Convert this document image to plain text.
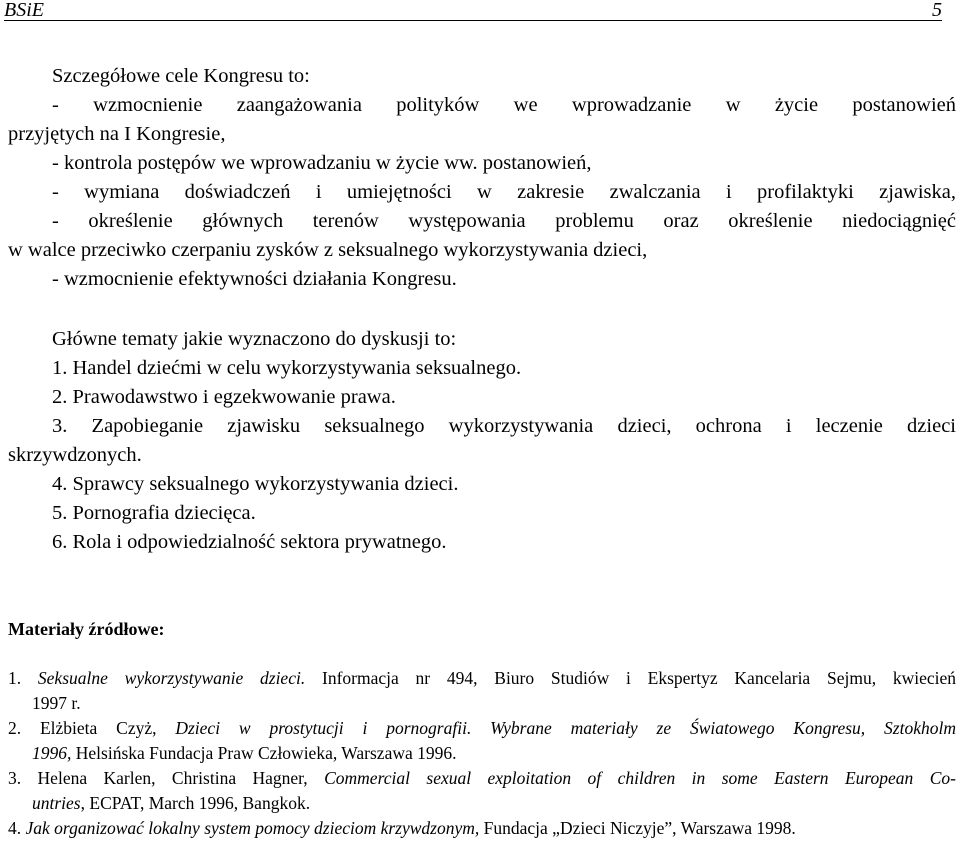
BSiE	5
Szczegółowe cele Kongresu to:
- wzmocnienie zaangażowania polityków we wprowadzanie w życie postanowień
przyjętych na I Kongresie,
- kontrola postępów we wprowadzaniu w życie ww. postanowień,
- wymiana doświadczeń i umiejętności w zakresie zwalczania i profilaktyki zjawiska,
- określenie głównych terenów występowania problemu oraz określenie niedociągnięć
w walce przeciwko czerpaniu zysków z seksualnego wykorzystywania dzieci,
- wzmocnienie efektywności działania Kongresu.
Główne tematy jakie wyznaczono do dyskusji to:
1. Handel dziećmi w celu wykorzystywania seksualnego.
2. Prawodawstwo i egzekwowanie prawa.
3. Zapobieganie zjawisku seksualnego wykorzystywania dzieci, ochrona i leczenie dzieci
skrzywdzonych.
4. Sprawcy seksualnego wykorzystywania dzieci.
5. Pornografia dziecięca.
6. Rola i odpowiedzialność sektora prywatnego.
Materiały źródłowe:
1. Seksualne wykorzystywanie dzieci. Informacja nr 494, Biuro Studiów i Ekspertyz Kancelaria Sejmu, kwiecień
1997 r.
2. Elżbieta Czyż, Dzieci w prostytucji i pornografii. Wybrane materiały ze Światowego Kongresu, Sztokholm
1996, Helsińska Fundacja Praw Człowieka, Warszawa 1996.
3. Helena Karlen, Christina Hagner, Commercial sexual exploitation of children in some Eastern European Co-
untries, ECPAT, March 1996, Bangkok.
4. Jak organizować lokalny system pomocy dzieciom krzywdzonym, Fundacja „Dzieci Niczyje”, Warszawa 1998.
